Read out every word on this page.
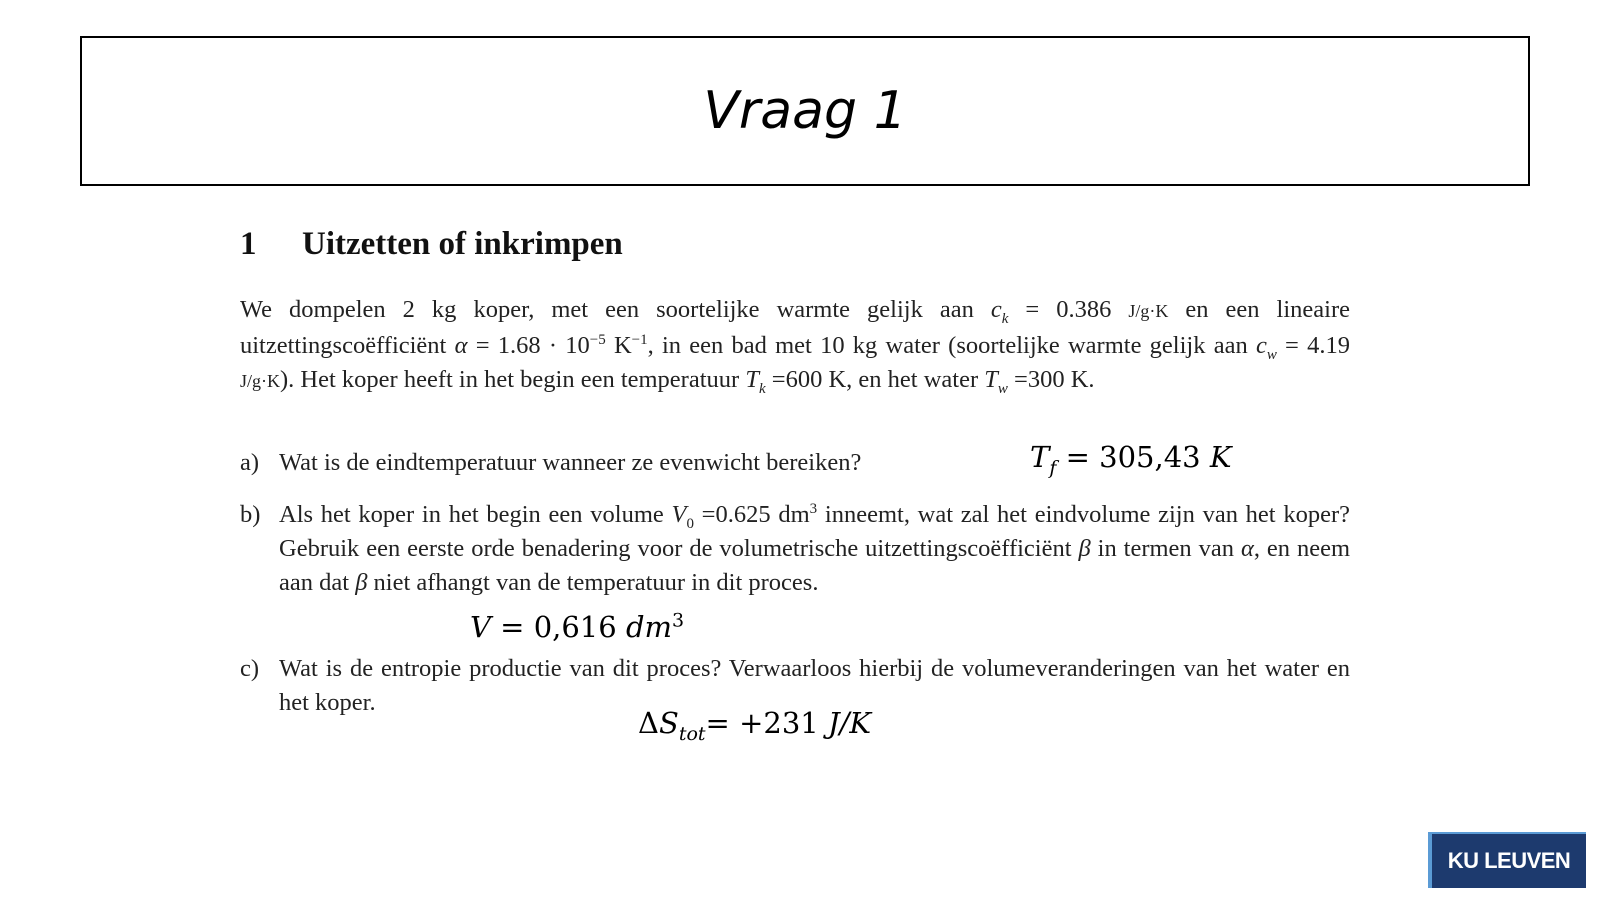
Vraag 1
1 Uitzetten of inkrimpen
We dompelen 2 kg koper, met een soortelijke warmte gelijk aan $c_k = 0.386$ J/g·K en een lineaire uitzettingscoëfficiënt $\alpha = 1.68 \cdot 10^{-5}$ $K^{-1}$, in een bad met 10 kg water (soortelijke warmte gelijk aan $c_w = 4.19$ J/g·K). Het koper heeft in het begin een temperatuur $T_k =600$ K, en het water $T_w =300$ K.
a) Wat is de eindtemperatuur wanneer ze evenwicht bereiken?	$T_f = 305,43$ K
b) Als het koper in het begin een volume $V_0 =0.625$ $dm^3$ inneemt, wat zal het eindvolume zijn van het koper? Gebruik een eerste orde benadering voor de volumetrische uitzettingscoëfficiënt β in termen van α, en neem aan dat β niet afhangt van de temperatuur in dit proces.
V = 0,616 $dm^3$
c) Wat is de entropie productie van dit proces? Verwaarloos hierbij de volumeveranderingen van het water en het koper.
$\Delta S_{tot}= +231$ J/K
KU LEUVEN
